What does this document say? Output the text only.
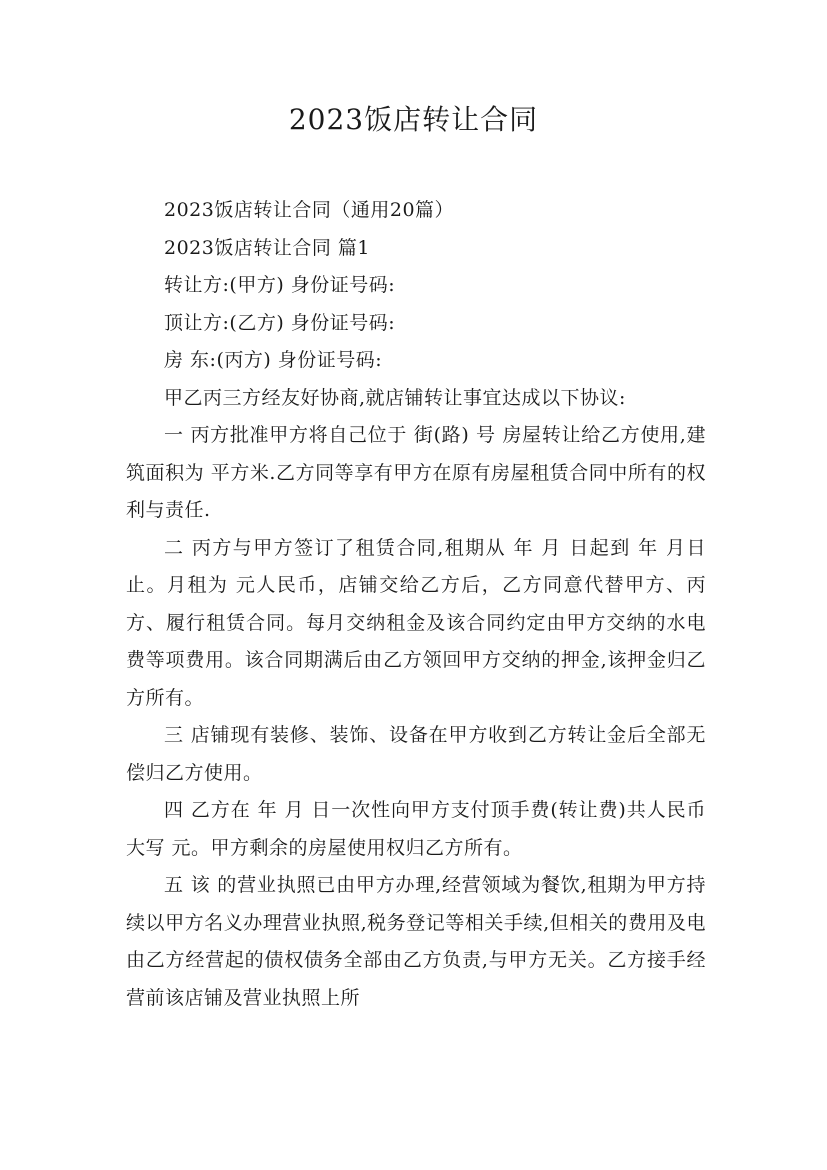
2023饭店转让合同

2023饭店转让合同（通用20篇）

2023饭店转让合同 篇1

转让方:(甲方) 身份证号码:

顶让方:(乙方) 身份证号码:

房 东:(丙方) 身份证号码:

甲乙丙三方经友好协商,就店铺转让事宜达成以下协议:

一 丙方批准甲方将自己位于 街(路) 号 房屋转让给乙方使用,建筑面积为 平方米.乙方同等享有甲方在原有房屋租赁合同中所有的权利与责任.

二 丙方与甲方签订了租赁合同,租期从 年 月 日起到 年 月日止。月租为 元人民币，店铺交给乙方后，乙方同意代替甲方、丙方、履行租赁合同。每月交纳租金及该合同约定由甲方交纳的水电费等项费用。该合同期满后由乙方领回甲方交纳的押金,该押金归乙方所有。

三 店铺现有装修、装饰、设备在甲方收到乙方转让金后全部无偿归乙方使用。

四 乙方在 年 月 日一次性向甲方支付顶手费(转让费)共人民币大写 元。甲方剩余的房屋使用权归乙方所有。

五 该 的营业执照已由甲方办理,经营领域为餐饮,租期为甲方持续以甲方名义办理营业执照,税务登记等相关手续,但相关的费用及电由乙方经营起的债权债务全部由乙方负责,与甲方无关。乙方接手经营前该店铺及营业执照上所
